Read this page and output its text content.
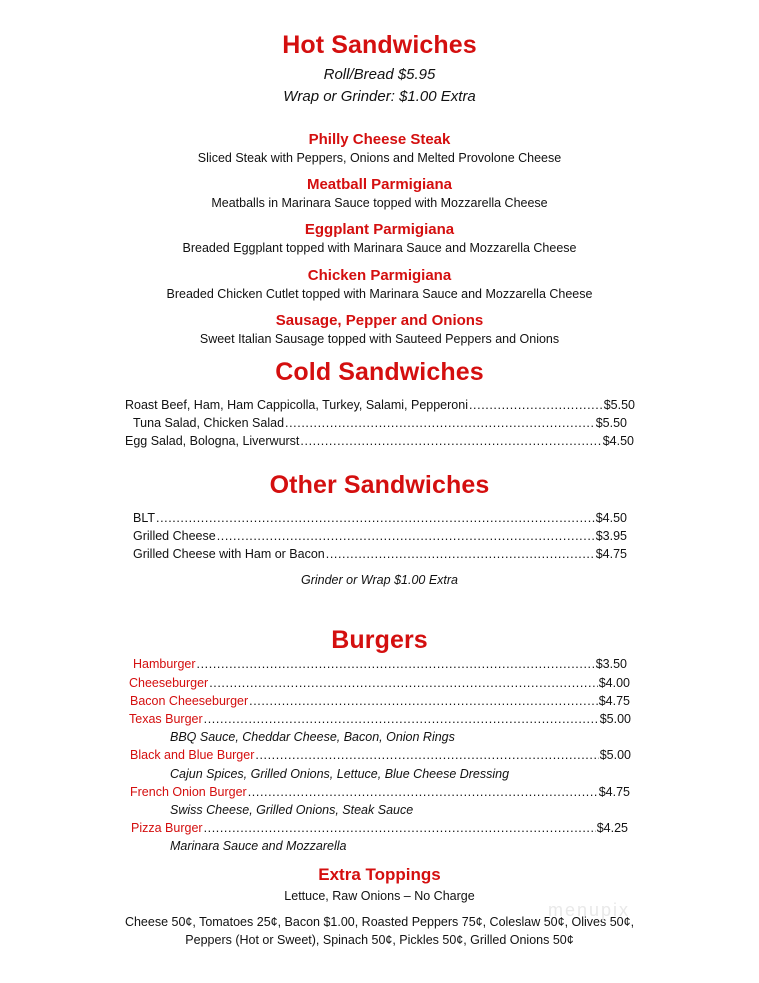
Hot Sandwiches
Roll/Bread $5.95
Wrap or Grinder: $1.00 Extra
Philly Cheese Steak
Sliced Steak with Peppers, Onions and Melted Provolone Cheese
Meatball Parmigiana
Meatballs in Marinara Sauce topped with Mozzarella Cheese
Eggplant Parmigiana
Breaded Eggplant topped with Marinara Sauce and Mozzarella Cheese
Chicken Parmigiana
Breaded Chicken Cutlet topped with Marinara Sauce and Mozzarella Cheese
Sausage, Pepper and Onions
Sweet Italian Sausage topped with Sauteed Peppers and Onions
Cold Sandwiches
Roast Beef, Ham, Ham Cappicolla, Turkey, Salami, Pepperoni .....	$5.50
Tuna Salad, Chicken Salad .....	$5.50
Egg Salad, Bologna, Liverwurst .....	$4.50
Other Sandwiches
BLT .....	$4.50
Grilled Cheese .....	$3.95
Grilled Cheese with Ham or Bacon .....	$4.75
Grinder or Wrap $1.00 Extra
Burgers
Hamburger .....	$3.50
Cheeseburger .....	$4.00
Bacon Cheeseburger .....	$4.75
Texas Burger .....	$5.00
BBQ Sauce, Cheddar Cheese, Bacon, Onion Rings
Black and Blue Burger .....	$5.00
Cajun Spices, Grilled Onions, Lettuce, Blue Cheese Dressing
French Onion Burger .....	$4.75
Swiss Cheese, Grilled Onions, Steak Sauce
Pizza Burger .....	$4.25
Marinara Sauce and Mozzarella
Extra Toppings
Lettuce, Raw Onions – No Charge
Cheese 50¢, Tomatoes 25¢, Bacon $1.00, Roasted Peppers 75¢, Coleslaw 50¢, Olives 50¢,
Peppers (Hot or Sweet), Spinach 50¢, Pickles 50¢, Grilled Onions 50¢
menupix
